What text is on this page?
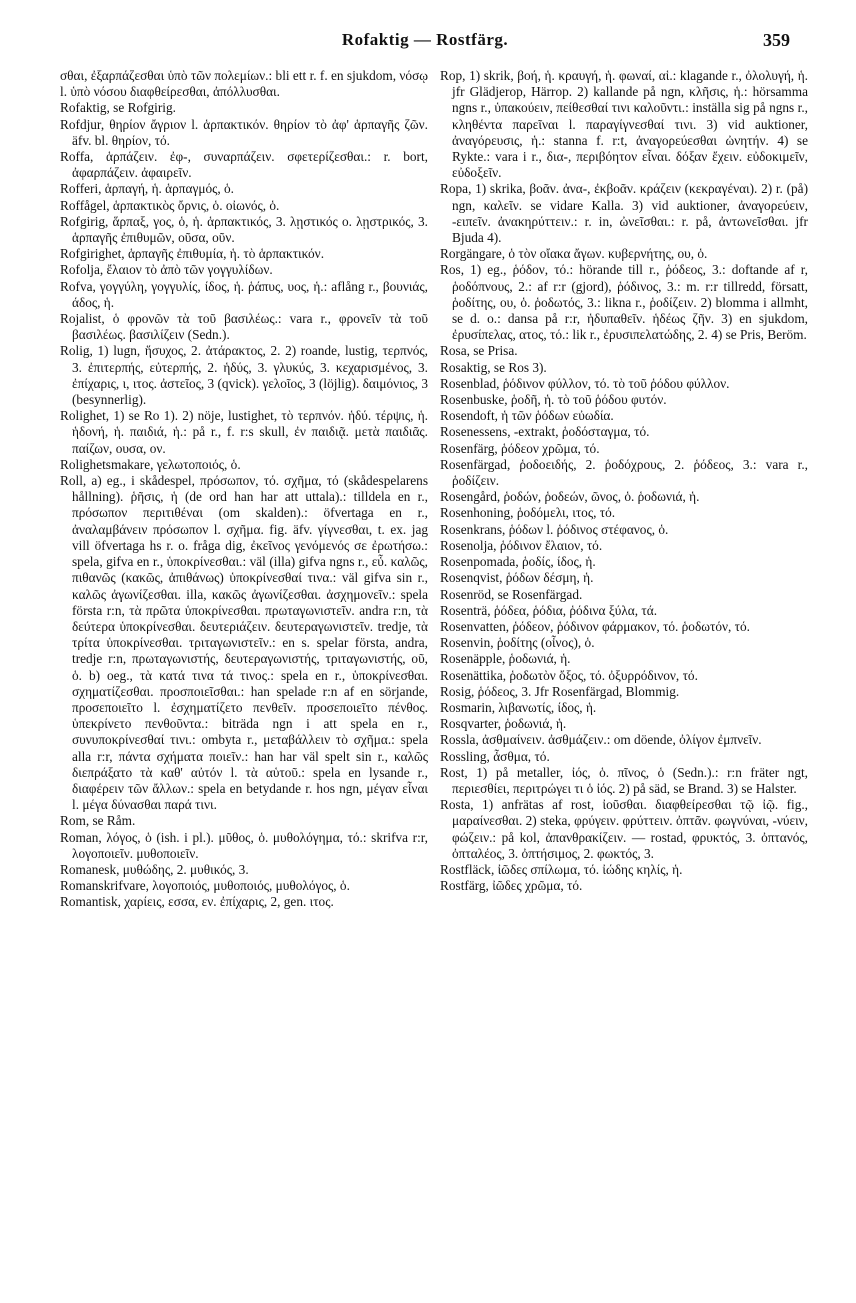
Rofaktig — Rostfärg.	359

σθαι, ἐξαρπάζεσθαι ὑπὸ τῶν πολεμίων.: bli ett r. f. en sjukdom, νόσῳ l. ὑπὸ νόσου διαφθείρεσθαι, ἀπόλλυσθαι.

Rofaktig, se Rofgirig.

Rofdjur, θηρίον ἄγριον l. ἁρπακτικόν. θηρίον τὸ ἀφ' ἁρπαγῆς ζῶν. äfv. bl. θηρίον, τό.

Roffa, ἁρπάζειν. ἐφ-, συναρπάζειν. σφετερίζεσθαι.: r. bort, ἀφαρπάζειν. ἀφαιρεῖν.

Rofferi, ἁρπαγή, ἡ. ἁρπαγμός, ὁ.

Roffågel, ἁρπακτικὸς ὄρνις, ὁ. οἰωνός, ὁ.

Rofgirig, ἅρπαξ, γος, ὁ, ἡ. ἁρπακτικός, 3. λῃστικός o. λῃστρικός, 3. ἁρπαγῆς ἐπιθυμῶν, οῦσα, οῦν.

Rofgirighet, ἁρπαγῆς ἐπιθυμία, ἡ. τὸ ἁρπακτικόν.

Rofolja, ἔλαιον τὸ ἀπὸ τῶν γογγυλίδων.

Rofva, γογγύλη, γογγυλίς, ίδος, ἡ. ῥάπυς, υος, ἡ.: aflång r., βουνιάς, άδος, ἡ.

Rojalist, ὁ φρονῶν τὰ τοῦ βασιλέως.: vara r., φρονεῖν τὰ τοῦ βασιλέως. βασιλίζειν (Sedn.).

Rolig, 1) lugn, ἥσυχος, 2. ἀτάρακτος, 2. 2) roande, lustig, τερπνός, 3. ἐπιτερπής, εὐτερπής, 2. ἡδύς, 3. γλυκύς, 3. κεχαρισμένος, 3. ἐπίχαρις, ι, ιτος. ἀστεῖος, 3 (qvick). γελοῖος, 3 (löjlig). δαιμόνιος, 3 (besynnerlig).

Rolighet, 1) se Ro 1). 2) nöje, lustighet, τὸ τερπνόν. ἡδύ. τέρψις, ἡ. ἡδονή, ἡ. παιδιά, ἡ.: på r., f. r:s skull, ἐν παιδιᾷ. μετὰ παιδιᾶς. παίζων, ουσα, ον.

Rolighetsmakare, γελωτοποιός, ὁ.

Roll, a) eg., i skådespel, πρόσωπον, τό. σχῆμα, τό (skådespelarens hållning). ῥῆσις, ἡ (de ord han har att uttala).: tilldela en r., πρόσωπον περιτιθέναι (om skalden).: öfvertaga en r., ἀναλαμβάνειν πρόσωπον l. σχῆμα. fig. äfv. γίγνεσθαι, t. ex. jag vill öfvertaga hs r. o. fråga dig, ἐκεῖνος γενόμενός σε ἐρωτήσω.: spela, gifva en r., ὑποκρίνεσθαι.: väl (illa) gifva ngns r., εὖ. καλῶς, πιθανῶς (κακῶς, ἀπιθάνως) ὑποκρίνεσθαί τινα.: väl gifva sin r., καλῶς ἀγωνίζεσθαι. illa, κακῶς ἀγωνίζεσθαι. ἀσχημονεῖν.: spela första r:n, τὰ πρῶτα ὑποκρίνεσθαι. πρωταγωνιστεῖν. andra r:n, τὰ δεύτερα ὑποκρίνεσθαι. δευτεριάζειν. δευτεραγωνιστεῖν. tredje, τὰ τρίτα ὑποκρίνεσθαι. τριταγωνιστεῖν.: en s. spelar första, andra, tredje r:n, πρωταγωνιστής, δευτεραγωνιστής, τριταγωνιστής, οῦ, ὁ. b) oeg., τὰ κατά τινα τά τινος.: spela en r., ὑποκρίνεσθαι. σχηματίζεσθαι. προσποιεῖσθαι.: han spelade r:n af en sörjande, προσεποιεῖτο l. ἐσχηματίζετο πενθεῖν. προσεποιεῖτο πένθος. ὑπεκρίνετο πενθοῦντα.: biträda ngn i att spela en r., συνυποκρίνεσθαί τινι.: ombyta r., μεταβάλλειν τὸ σχῆμα.: spela alla r:r, πάντα σχήματα ποιεῖν.: han har väl spelt sin r., καλῶς διεπράξατο τὰ καθ' αὐτόν l. τὰ αὑτοῦ.: spela en lysande r., διαφέρειν τῶν ἄλλων.: spela en betydande r. hos ngn, μέγαν εἶναι l. μέγα δύνασθαι παρά τινι.

Rom, se Råm.

Roman, λόγος, ὁ (ish. i pl.). μῦθος, ὁ. μυθολόγημα, τό.: skrifva r:r, λογοποιεῖν. μυθοποιεῖν.

Romanesk, μυθώδης, 2. μυθικός, 3.

Romanskrifvare, λογοποιός, μυθοποιός, μυθολόγος, ὁ.

Romantisk, χαρίεις, εσσα, εν. ἐπίχαρις, 2, gen. ιτος.

Rop, 1) skrik, βοή, ἡ. κραυγή, ἡ. φωναί, αἱ.: klagande r., ὀλολυγή, ἡ. jfr Glädjerop, Härrop. 2) kallande på ngn, κλῆσις, ἡ.: hörsamma ngns r., ὑπακούειν, πείθεσθαί τινι καλοῦντι.: inställa sig på ngns r., κληθέντα παρεῖναι l. παραγίγνεσθαί τινι. 3) vid auktioner, ἀναγόρευσις, ἡ.: stanna f. r:t, ἀναγορεύεσθαι ὠνητήν. 4) se Rykte.: vara i r., δια-, περιβόητον εἶναι. δόξαν ἔχειν. εὐδοκιμεῖν, εὐδοξεῖν.

Ropa, 1) skrika, βοᾶν. ἀνα-, ἐκβοᾶν. κράζειν (κεκραγέναι). 2) r. (på) ngn, καλεῖν. se vidare Kalla. 3) vid auktioner, ἀναγορεύειν, -ειπεῖν. ἀνακηρύττειν.: r. in, ὠνεῖσθαι.: r. på, ἀντωνεῖσθαι. jfr Bjuda 4).

Rorgängare, ὁ τὸν οἴακα ἄγων. κυβερνήτης, ου, ὁ.

Ros, 1) eg., ῥόδον, τό.: hörande till r., ῥόδεος, 3.: doftande af r, ῥοδόπνους, 2.: af r:r (gjord), ῥόδινος, 3.: m. r:r tillredd, försatt, ῥοδίτης, ου, ὁ. ῥοδωτός, 3.: likna r., ῥοδίζειν. 2) blomma i allmht, se d. o.: dansa på r:r, ἡδυπαθεῖν. ἡδέως ζῆν. 3) en sjukdom, ἐρυσίπελας, ατος, τό.: lik r., ἐρυσιπελατώδης, 2. 4) se Pris, Beröm.

Rosa, se Prisa.

Rosaktig, se Ros 3).

Rosenblad, ῥόδινον φύλλον, τό. τὸ τοῦ ῥόδου φύλλον.

Rosenbuske, ῥοδῆ, ἡ. τὸ τοῦ ῥόδου φυτόν.

Rosendoft, ἡ τῶν ῥόδων εὐωδία.

Rosenessens, -extrakt, ῥοδόσταγμα, τό.

Rosenfärg, ῥόδεον χρῶμα, τό.

Rosenfärgad, ῥοδοειδής, 2. ῥοδόχρους, 2. ῥόδεος, 3.: vara r., ῥοδίζειν.

Rosengård, ῥοδών, ῥοδεών, ῶνος, ὁ. ῥοδωνιά, ἡ.

Rosenhoning, ῥοδόμελι, ιτος, τό.

Rosenkrans, ῥόδων l. ῥόδινος στέφανος, ὁ.

Rosenolja, ῥόδινον ἔλαιον, τό.

Rosenpomada, ῥοδίς, ίδος, ἡ.

Rosenqvist, ῥόδων δέσμη, ἡ.

Rosenröd, se Rosenfärgad.

Rosenträ, ῥόδεα, ῥόδια, ῥόδινα ξύλα, τά.

Rosenvatten, ῥόδεον, ῥόδινον φάρμακον, τό. ῥοδωτόν, τό.

Rosenvin, ῥοδίτης (οἶνος), ὁ.

Rosenäpple, ῥοδωνιά, ἡ.

Rosenättika, ῥοδωτὸν ὄξος, τό. ὀξυρρόδινον, τό.

Rosig, ῥόδεος, 3. Jfr Rosenfärgad, Blommig.

Rosmarin, λιβανωτίς, ίδος, ἡ.

Rosqvarter, ῥοδωνιά, ἡ.

Rossla, ἀσθμαίνειν. ἀσθμάζειν.: om döende, ὀλίγον ἐμπνεῖν.

Rossling, ἆσθμα, τό.

Rost, 1) på metaller, ἰός, ὁ. πῖνος, ὁ (Sedn.).: r:n fräter ngt, περιεσθίει, περιτρώγει τι ὁ ἰός. 2) på säd, se Brand. 3) se Halster.

Rosta, 1) anfrätas af rost, ἰοῦσθαι. διαφθείρεσθαι τῷ ἰῷ. fig., μαραίνεσθαι. 2) steka, φρύγειν. φρύττειν. ὀπτᾶν. φωγνύναι, -νύειν, φώζειν.: på kol, ἀπανθρακίζειν. — rostad, φρυκτός, 3. ὀπτανός, ὀπταλέος, 3. ὀπτήσιμος, 2. φωκτός, 3.

Rostfläck, ἰῶδες σπίλωμα, τό. ἰώδης κηλίς, ἡ.

Rostfärg, ἰῶδες χρῶμα, τό.
